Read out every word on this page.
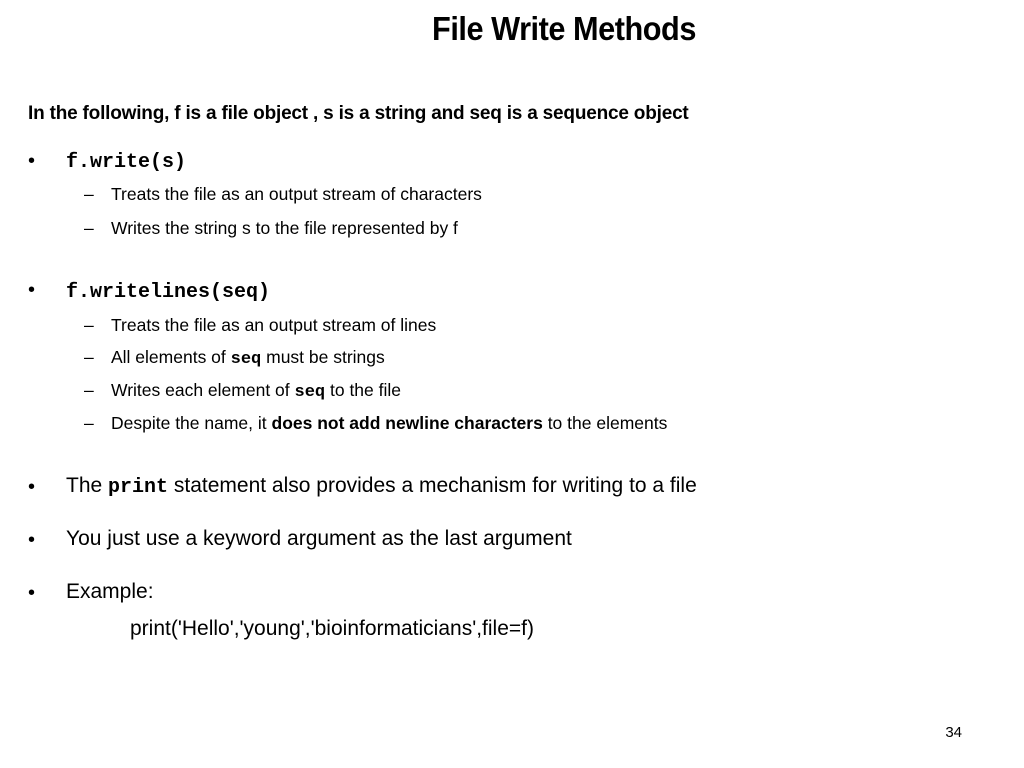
File Write Methods
In the following, f is a file object , s is a string and seq is a sequence object
• f.write(s)
– Treats the file as an output stream of characters
– Writes the string s to the file represented by f
• f.writelines(seq)
– Treats the file as an output stream of lines
– All elements of seq must be strings
– Writes each element of seq to the file
– Despite the name, it does not add newline characters to the elements
• The print statement also provides a mechanism for writing to a file
• You just use a keyword argument as the last argument
• Example:
print('Hello','young','bioinformaticians',file=f)
34
